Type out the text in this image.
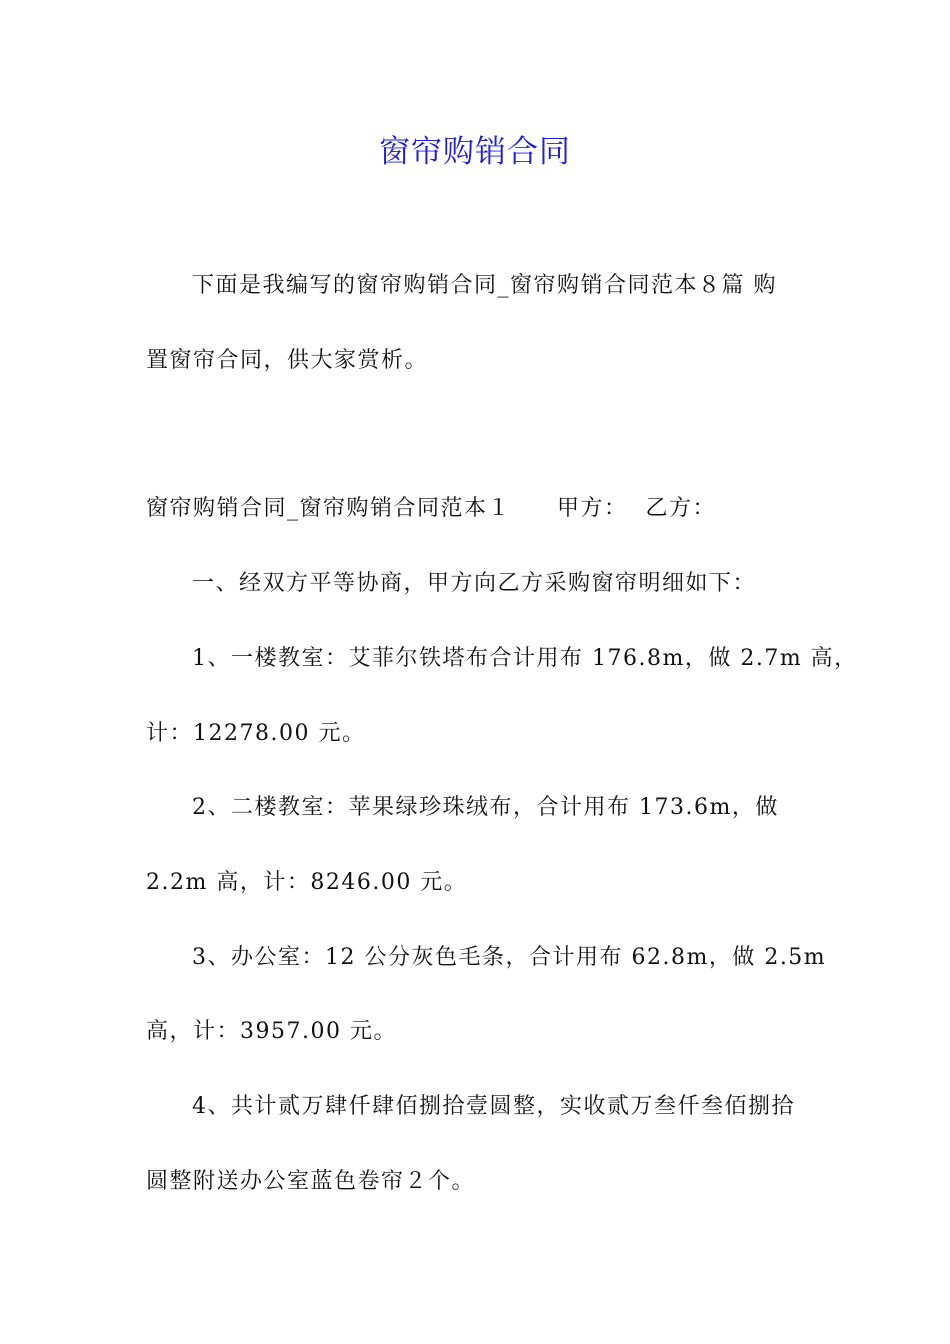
窗帘购销合同

下面是我编写的窗帘购销合同_窗帘购销合同范本８篇 购

置窗帘合同，供大家赏析。

窗帘购销合同_窗帘购销合同范本１ 甲方： 乙方：

一、经双方平等协商，甲方向乙方采购窗帘明细如下：

1、一楼教室：艾菲尔铁塔布合计用布 176.8m，做 2.7m 高，

计：12278.00 元。

2、二楼教室：苹果绿珍珠绒布，合计用布 173.6m，做

2.2m 高，计：8246.00 元。

3、办公室：12 公分灰色毛条，合计用布 62.8m，做 2.5m

高，计：3957.00 元。

4、共计贰万肆仟肆佰捌拾壹圆整，实收贰万叁仟叁佰捌拾

圆整附送办公室蓝色卷帘２个。
